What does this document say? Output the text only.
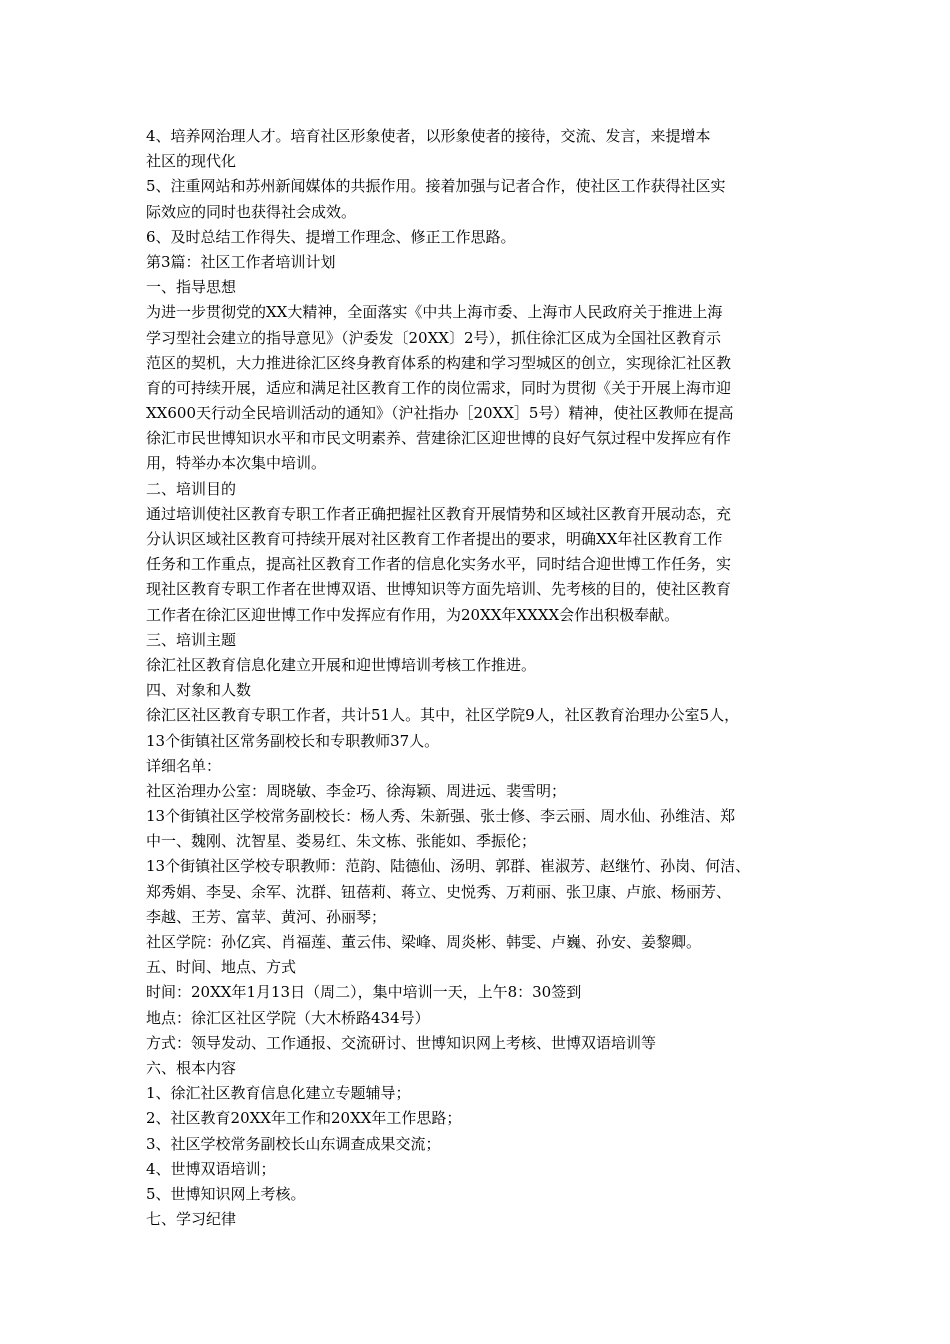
4、培养网治理人才。培育社区形象使者，以形象使者的接待，交流、发言，来提增本
社区的现代化
5、注重网站和苏州新闻媒体的共振作用。接着加强与记者合作，使社区工作获得社区实
际效应的同时也获得社会成效。
6、及时总结工作得失、提增工作理念、修正工作思路。
第3篇：社区工作者培训计划
一、指导思想
为进一步贯彻党的XX大精神，全面落实《中共上海市委、上海市人民政府关于推进上海
学习型社会建立的指导意见》（沪委发〔20XX〕2号），抓住徐汇区成为全国社区教育示
范区的契机，大力推进徐汇区终身教育体系的构建和学习型城区的创立，实现徐汇社区教
育的可持续开展，适应和满足社区教育工作的岗位需求，同时为贯彻《关于开展上海市迎
XX600天行动全民培训活动的通知》（沪社指办［20XX］5号）精神，使社区教师在提高
徐汇市民世博知识水平和市民文明素养、营建徐汇区迎世博的良好气氛过程中发挥应有作
用，特举办本次集中培训。
二、培训目的
通过培训使社区教育专职工作者正确把握社区教育开展情势和区域社区教育开展动态，充
分认识区域社区教育可持续开展对社区教育工作者提出的要求，明确XX年社区教育工作
任务和工作重点，提高社区教育工作者的信息化实务水平，同时结合迎世博工作任务，实
现社区教育专职工作者在世博双语、世博知识等方面先培训、先考核的目的，使社区教育
工作者在徐汇区迎世博工作中发挥应有作用，为20XX年XXXX会作出积极奉献。
三、培训主题
徐汇社区教育信息化建立开展和迎世博培训考核工作推进。
四、对象和人数
徐汇区社区教育专职工作者，共计51人。其中，社区学院9人，社区教育治理办公室5人，
13个街镇社区常务副校长和专职教师37人。
详细名单：
社区治理办公室：周晓敏、李金巧、徐海颖、周进远、裴雪明；
13个街镇社区学校常务副校长：杨人秀、朱新强、张士修、李云丽、周水仙、孙维洁、郑
中一、魏刚、沈智星、娄易红、朱文栋、张能如、季振伦；
13个街镇社区学校专职教师：范韵、陆德仙、汤明、郭群、崔淑芳、赵继竹、孙岗、何洁、
郑秀娟、李旻、余军、沈群、钮蓓莉、蒋立、史悦秀、万莉丽、张卫康、卢旅、杨丽芳、
李越、王芳、富苹、黄河、孙丽琴；
社区学院：孙亿宾、肖福莲、董云伟、梁峰、周炎彬、韩雯、卢巍、孙安、姜黎卿。
五、时间、地点、方式
时间：20XX年1月13日（周二），集中培训一天，上午8：30签到
地点：徐汇区社区学院（大木桥路434号）
方式：领导发动、工作通报、交流研讨、世博知识网上考核、世博双语培训等
六、根本内容
1、徐汇社区教育信息化建立专题辅导；
2、社区教育20XX年工作和20XX年工作思路；
3、社区学校常务副校长山东调查成果交流；
4、世博双语培训；
5、世博知识网上考核。
七、学习纪律
